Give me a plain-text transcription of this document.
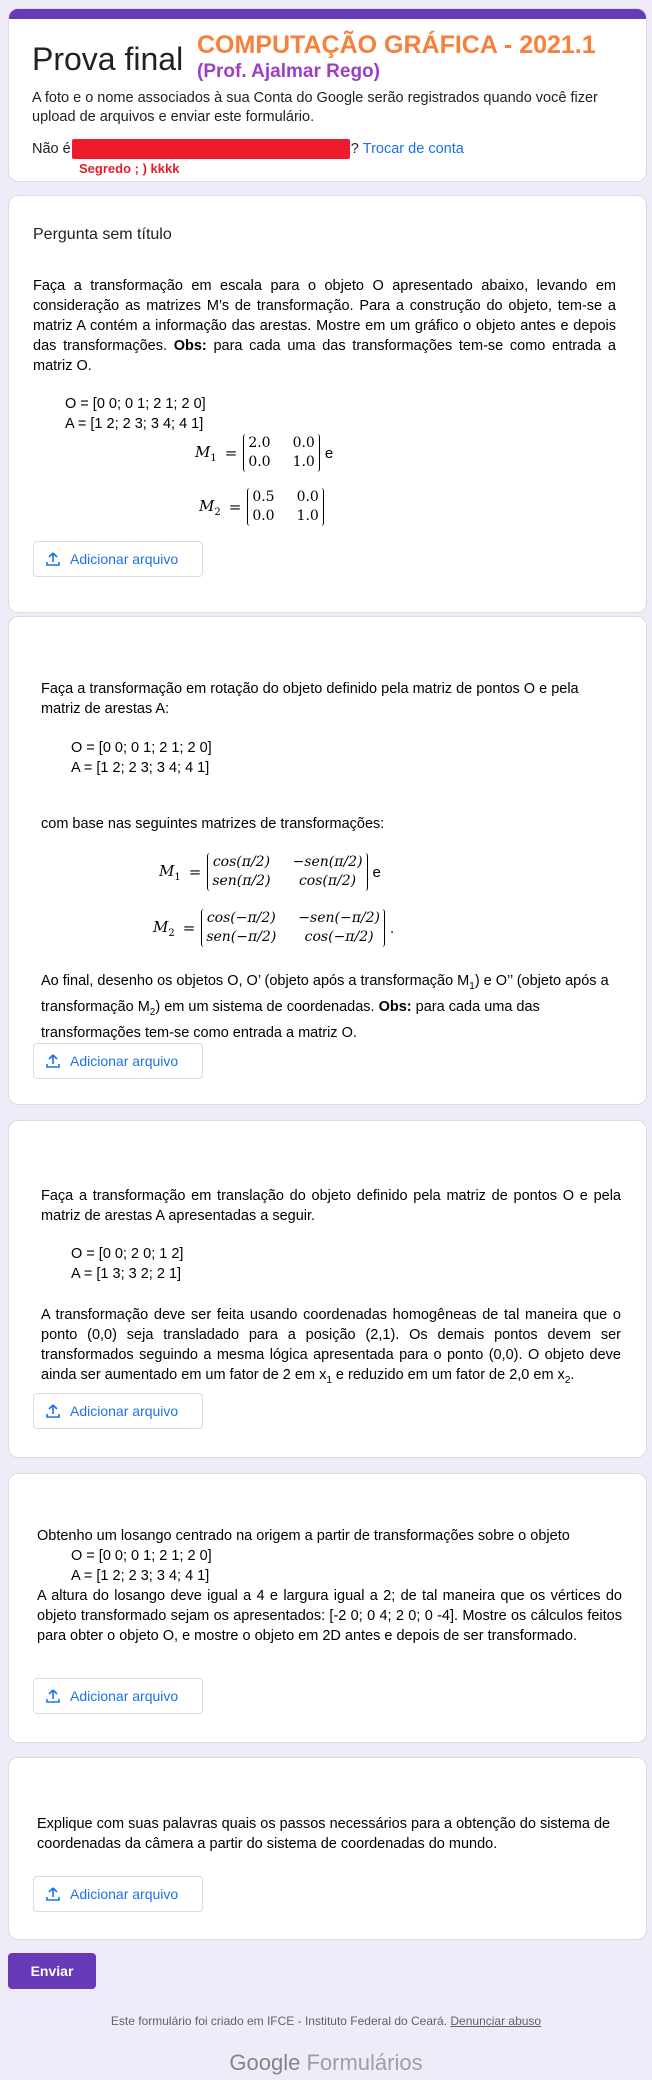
Prova final COMPUTAÇÃO GRÁFICA - 2021.1
(Prof. Ajalmar Rego)
A foto e o nome associados à sua Conta do Google serão registrados quando você fizer upload de arquivos e enviar este formulário.
Não é	? Trocar de conta
Segredo ; ) kkkk
Pergunta sem título
Faça a transformação em escala para o objeto O apresentado abaixo, levando em consideração as matrizes M’s de transformação. Para a construção do objeto, tem-se a matriz A contém a informação das arestas. Mostre em um gráfico o objeto antes e depois das transformações. Obs: para cada uma das transformações tem-se como entrada a matriz O.
O = [0 0; 0 1; 2 1; 2 0]
A = [1 2; 2 3; 3 4; 4 1]
$M_1$ =
2.0 0.0
0.0 1.0
e
$M_2$ =
0.5 0.0
0.0 1.0
Adicionar arquivo
Faça a transformação em rotação do objeto definido pela matriz de pontos O e pela matriz de arestas A:
O = [0 0; 0 1; 2 1; 2 0]
A = [1 2; 2 3; 3 4; 4 1]
com base nas seguintes matrizes de transformações:
$M_1$ =
cos(π/2) −sen(π/2)
sen(π/2)	cos(π/2)
e
$M_2$ =
cos(−π/2) −sen(−π/2)
sen(−π/2)	cos(−π/2)
.
Ao final, desenho os objetos O, O’ (objeto após a transformação $M_1$) e O’’ (objeto após a transformação $M_2$) em um sistema de coordenadas. Obs: para cada uma das transformações tem-se como entrada a matriz O.
Adicionar arquivo
Faça a transformação em translação do objeto definido pela matriz de pontos O e pela matriz de arestas A apresentadas a seguir.
O = [0 0; 2 0; 1 2]
A = [1 3; 3 2; 2 1]
A transformação deve ser feita usando coordenadas homogêneas de tal maneira que o ponto (0,0) seja transladado para a posição (2,1). Os demais pontos devem ser transformados seguindo a mesma lógica apresentada para o ponto (0,0). O objeto deve ainda ser aumentado em um fator de 2 em $x_1$ e reduzido em um fator de 2,0 em $x_2$.
Adicionar arquivo
Obtenho um losango centrado na origem a partir de transformações sobre o objeto
O = [0 0; 0 1; 2 1; 2 0]
A = [1 2; 2 3; 3 4; 4 1]
A altura do losango deve igual a 4 e largura igual a 2; de tal maneira que os vértices do objeto transformado sejam os apresentados: [-2 0; 0 4; 2 0; 0 -4]. Mostre os cálculos feitos para obter o objeto O, e mostre o objeto em 2D antes e depois de ser transformado.
Adicionar arquivo
Explique com suas palavras quais os passos necessários para a obtenção do sistema de coordenadas da câmera a partir do sistema de coordenadas do mundo.
Adicionar arquivo
Enviar
Este formulário foi criado em IFCE - Instituto Federal do Ceará. Denunciar abuso
Google Formulários
